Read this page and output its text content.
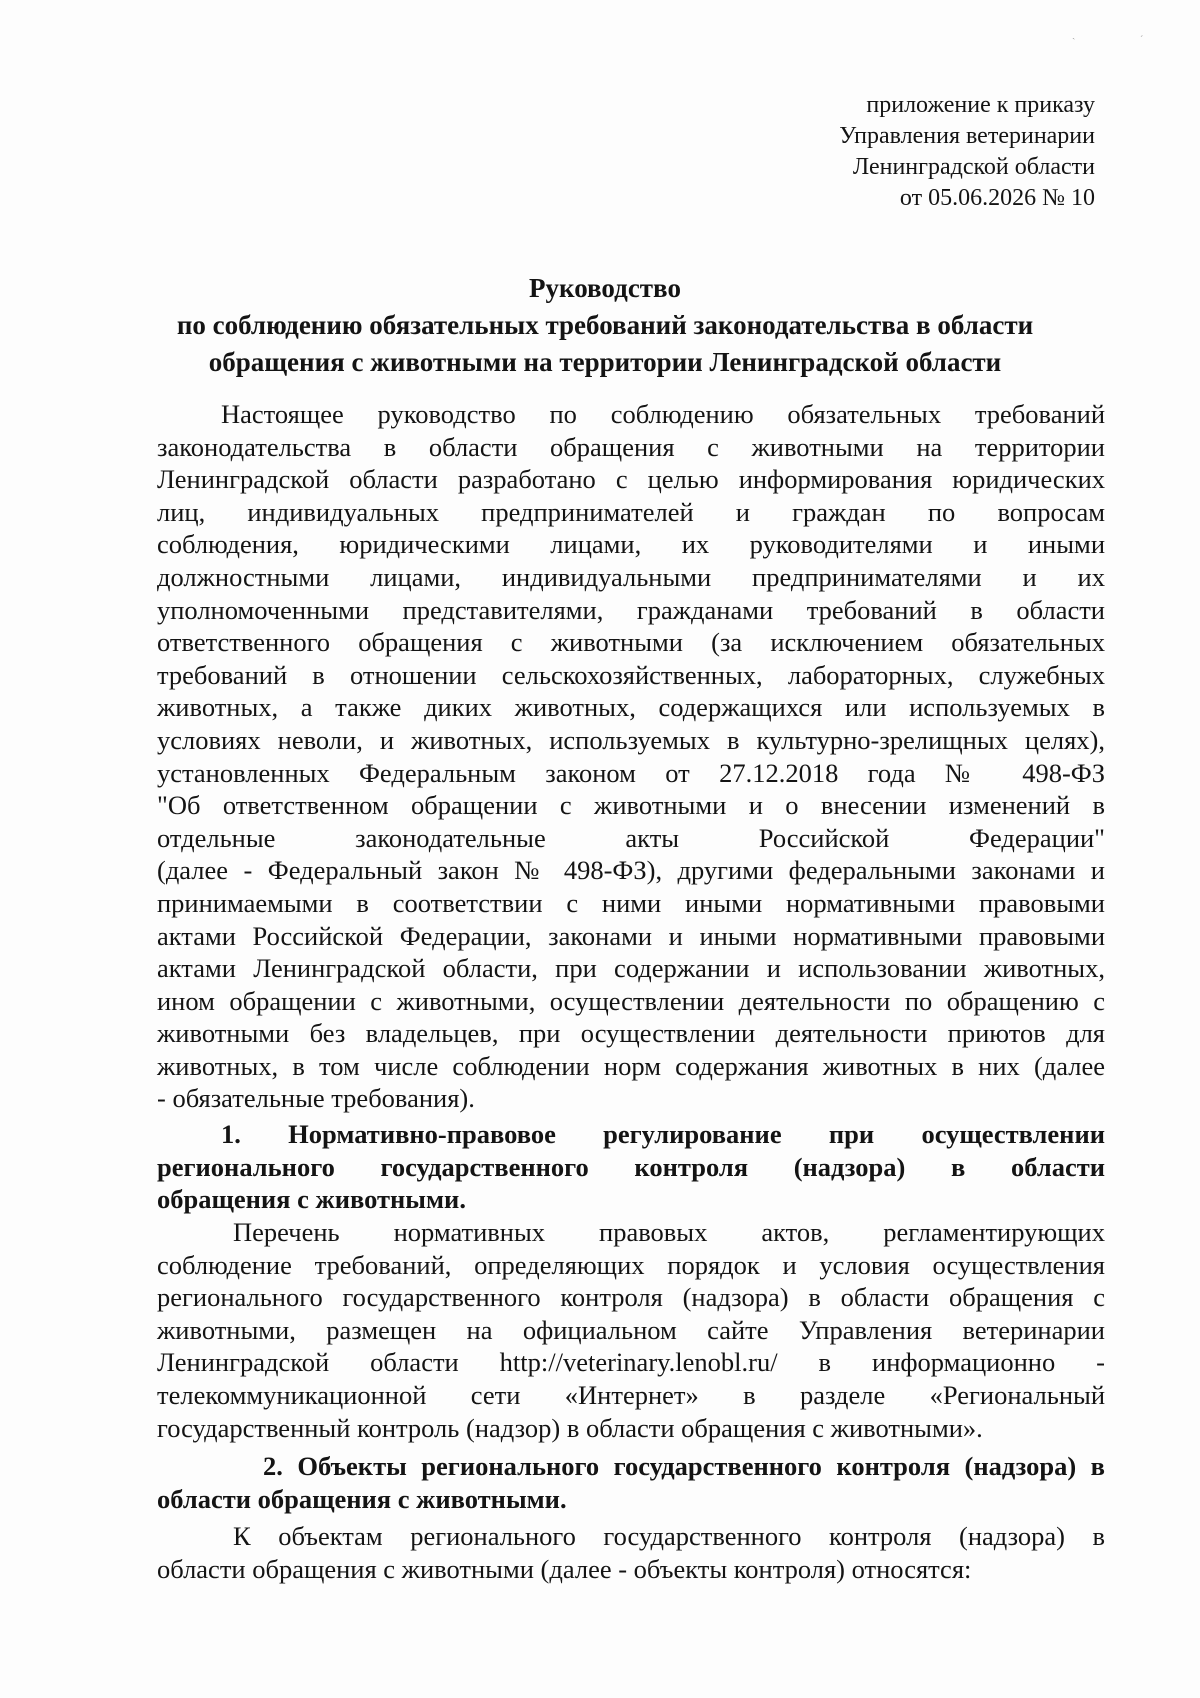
ˏ
ˊ
приложение к приказу
Управления ветеринарии
Ленинградской области
от 05.06.2026 № 10
Руководство
по соблюдению обязательных требований законодательства в области
обращения с животными на территории Ленинградской области
Настоящее руководство по соблюдению обязательных требований
законодательства в области обращения с животными на территории
Ленинградской области разработано с целью информирования юридических
лиц, индивидуальных предпринимателей и граждан по вопросам
соблюдения, юридическими лицами, их руководителями и иными
должностными лицами, индивидуальными предпринимателями и их
уполномоченными представителями, гражданами требований в области
ответственного обращения с животными (за исключением обязательных
требований в отношении сельскохозяйственных, лабораторных, служебных
животных, а также диких животных, содержащихся или используемых в
условиях неволи, и животных, используемых в культурно-зрелищных целях),
установленных Федеральным законом от 27.12.2018 года № 498-ФЗ
"Об ответственном обращении с животными и о внесении изменений в
отдельные законодательные акты Российской Федерации"
(далее - Федеральный закон № 498-ФЗ), другими федеральными законами и
принимаемыми в соответствии с ними иными нормативными правовыми
актами Российской Федерации, законами и иными нормативными правовыми
актами Ленинградской области, при содержании и использовании животных,
ином обращении с животными, осуществлении деятельности по обращению с
животными без владельцев, при осуществлении деятельности приютов для
животных, в том числе соблюдении норм содержания животных в них (далее
- обязательные требования).
1. Нормативно-правовое регулирование при осуществлении
регионального государственного контроля (надзора) в области
обращения с животными.
Перечень нормативных правовых актов, регламентирующих
соблюдение требований, определяющих порядок и условия осуществления
регионального государственного контроля (надзора) в области обращения с
животными, размещен на официальном сайте Управления ветеринарии
Ленинградской области http://veterinary.lenobl.ru/ в информационно -
телекоммуникационной сети «Интернет» в разделе «Региональный
государственный контроль (надзор) в области обращения с животными».
2. Объекты регионального государственного контроля (надзора) в
области обращения с животными.
К объектам регионального государственного контроля (надзора) в
области обращения с животными (далее - объекты контроля) относятся:
